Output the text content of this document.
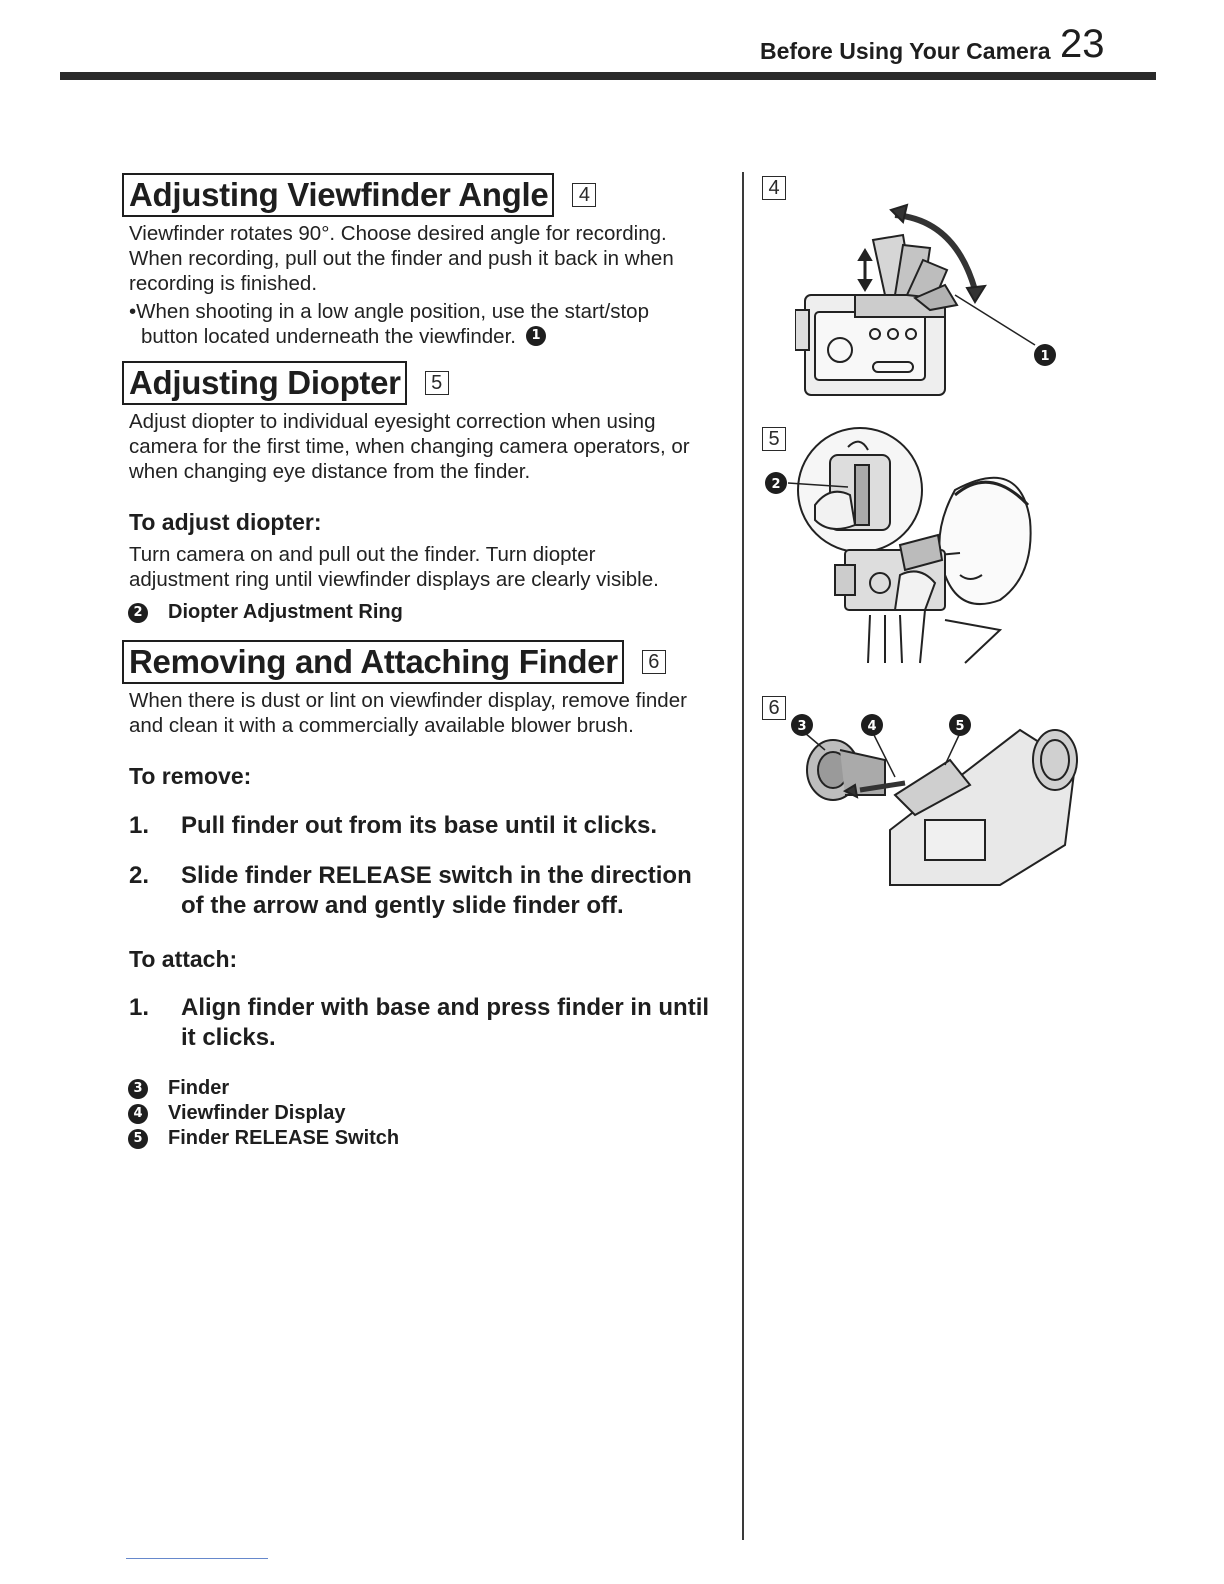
Before Using Your Camera 23
Adjusting Viewfinder Angle	4
Viewfinder rotates 90°. Choose desired angle for recording.
When recording, pull out the finder and push it back in when
recording is finished.
•When shooting in a low angle position, use the start/stop
button located underneath the viewfinder. 1
Adjusting Diopter	5
Adjust diopter to individual eyesight correction when using
camera for the first time, when changing camera operators, or
when changing eye distance from the finder.
To adjust diopter:
Turn camera on and pull out the finder. Turn diopter
adjustment ring until viewfinder displays are clearly visible.
2 Diopter Adjustment Ring
Removing and Attaching Finder	6
When there is dust or lint on viewfinder display, remove finder
and clean it with a commercially available blower brush.
To remove:
1.	Pull finder out from its base until it clicks.
2.	Slide finder RELEASE switch in the direction
of the arrow and gently slide finder off.
To attach:
1.	Align finder with base and press finder in until
it clicks.
3 Finder
4 Viewfinder Display
5 Finder RELEASE Switch
4
1
5
2
6
3	4	5
